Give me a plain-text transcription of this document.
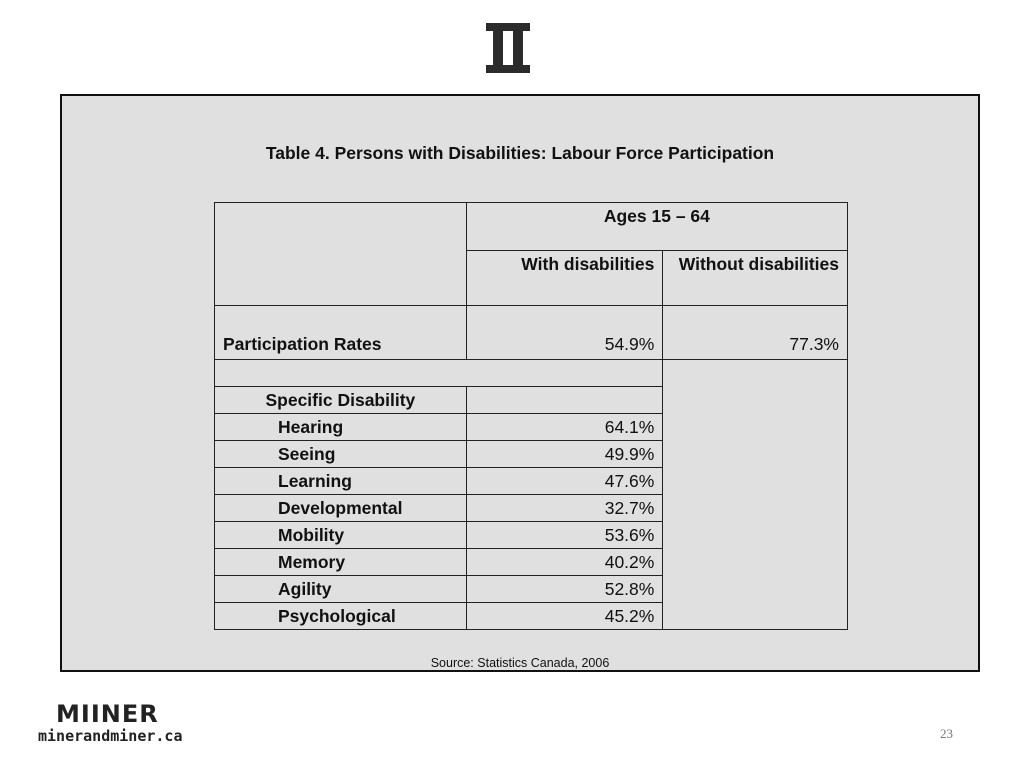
Table 4. Persons with Disabilities: Labour Force Participation
	Ages 15 – 64	
	With disabilities	Without disabilities
Participation Rates	54.9%	77.3%

Specific Disability		
Hearing	64.1%	
Seeing	49.9%	
Learning	47.6%	
Developmental	32.7%	
Mobility	53.6%	
Memory	40.2%	
Agility	52.8%	
Psychological	45.2%	
Source: Statistics Canada, 2006
MIINER
minerandminer.ca	23
